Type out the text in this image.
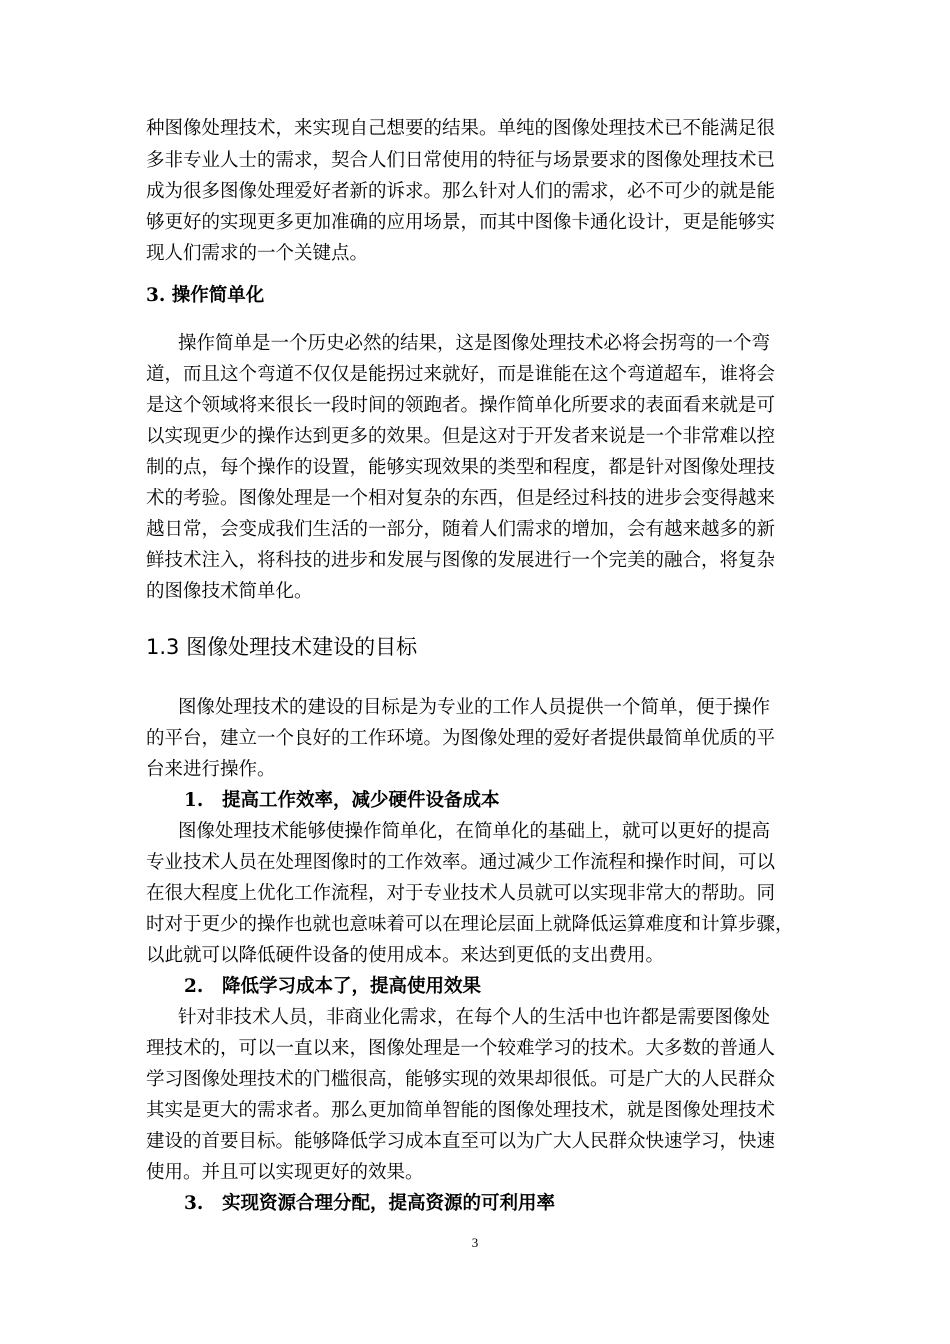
种图像处理技术，来实现自己想要的结果。单纯的图像处理技术已不能满足很
多非专业人士的需求，契合人们日常使用的特征与场景要求的图像处理技术已
成为很多图像处理爱好者新的诉求。那么针对人们的需求，必不可少的就是能
够更好的实现更多更加准确的应用场景，而其中图像卡通化设计，更是能够实
现人们需求的一个关键点。
3. 操作简单化
操作简单是一个历史必然的结果，这是图像处理技术必将会拐弯的一个弯
道，而且这个弯道不仅仅是能拐过来就好，而是谁能在这个弯道超车，谁将会
是这个领域将来很长一段时间的领跑者。操作简单化所要求的表面看来就是可
以实现更少的操作达到更多的效果。但是这对于开发者来说是一个非常难以控
制的点，每个操作的设置，能够实现效果的类型和程度，都是针对图像处理技
术的考验。图像处理是一个相对复杂的东西，但是经过科技的进步会变得越来
越日常，会变成我们生活的一部分，随着人们需求的增加，会有越来越多的新
鲜技术注入，将科技的进步和发展与图像的发展进行一个完美的融合，将复杂
的图像技术简单化。
1.3 图像处理技术建设的目标
图像处理技术的建设的目标是为专业的工作人员提供一个简单，便于操作
的平台，建立一个良好的工作环境。为图像处理的爱好者提供最简单优质的平
台来进行操作。
1. 提高工作效率，减少硬件设备成本
图像处理技术能够使操作简单化，在简单化的基础上，就可以更好的提高
专业技术人员在处理图像时的工作效率。通过减少工作流程和操作时间，可以
在很大程度上优化工作流程，对于专业技术人员就可以实现非常大的帮助。同
时对于更少的操作也就也意味着可以在理论层面上就降低运算难度和计算步骤，
以此就可以降低硬件设备的使用成本。来达到更低的支出费用。
2. 降低学习成本了，提高使用效果
针对非技术人员，非商业化需求，在每个人的生活中也许都是需要图像处
理技术的，可以一直以来，图像处理是一个较难学习的技术。大多数的普通人
学习图像处理技术的门槛很高，能够实现的效果却很低。可是广大的人民群众
其实是更大的需求者。那么更加简单智能的图像处理技术，就是图像处理技术
建设的首要目标。能够降低学习成本直至可以为广大人民群众快速学习，快速
使用。并且可以实现更好的效果。
3. 实现资源合理分配，提高资源的可利用率
3
